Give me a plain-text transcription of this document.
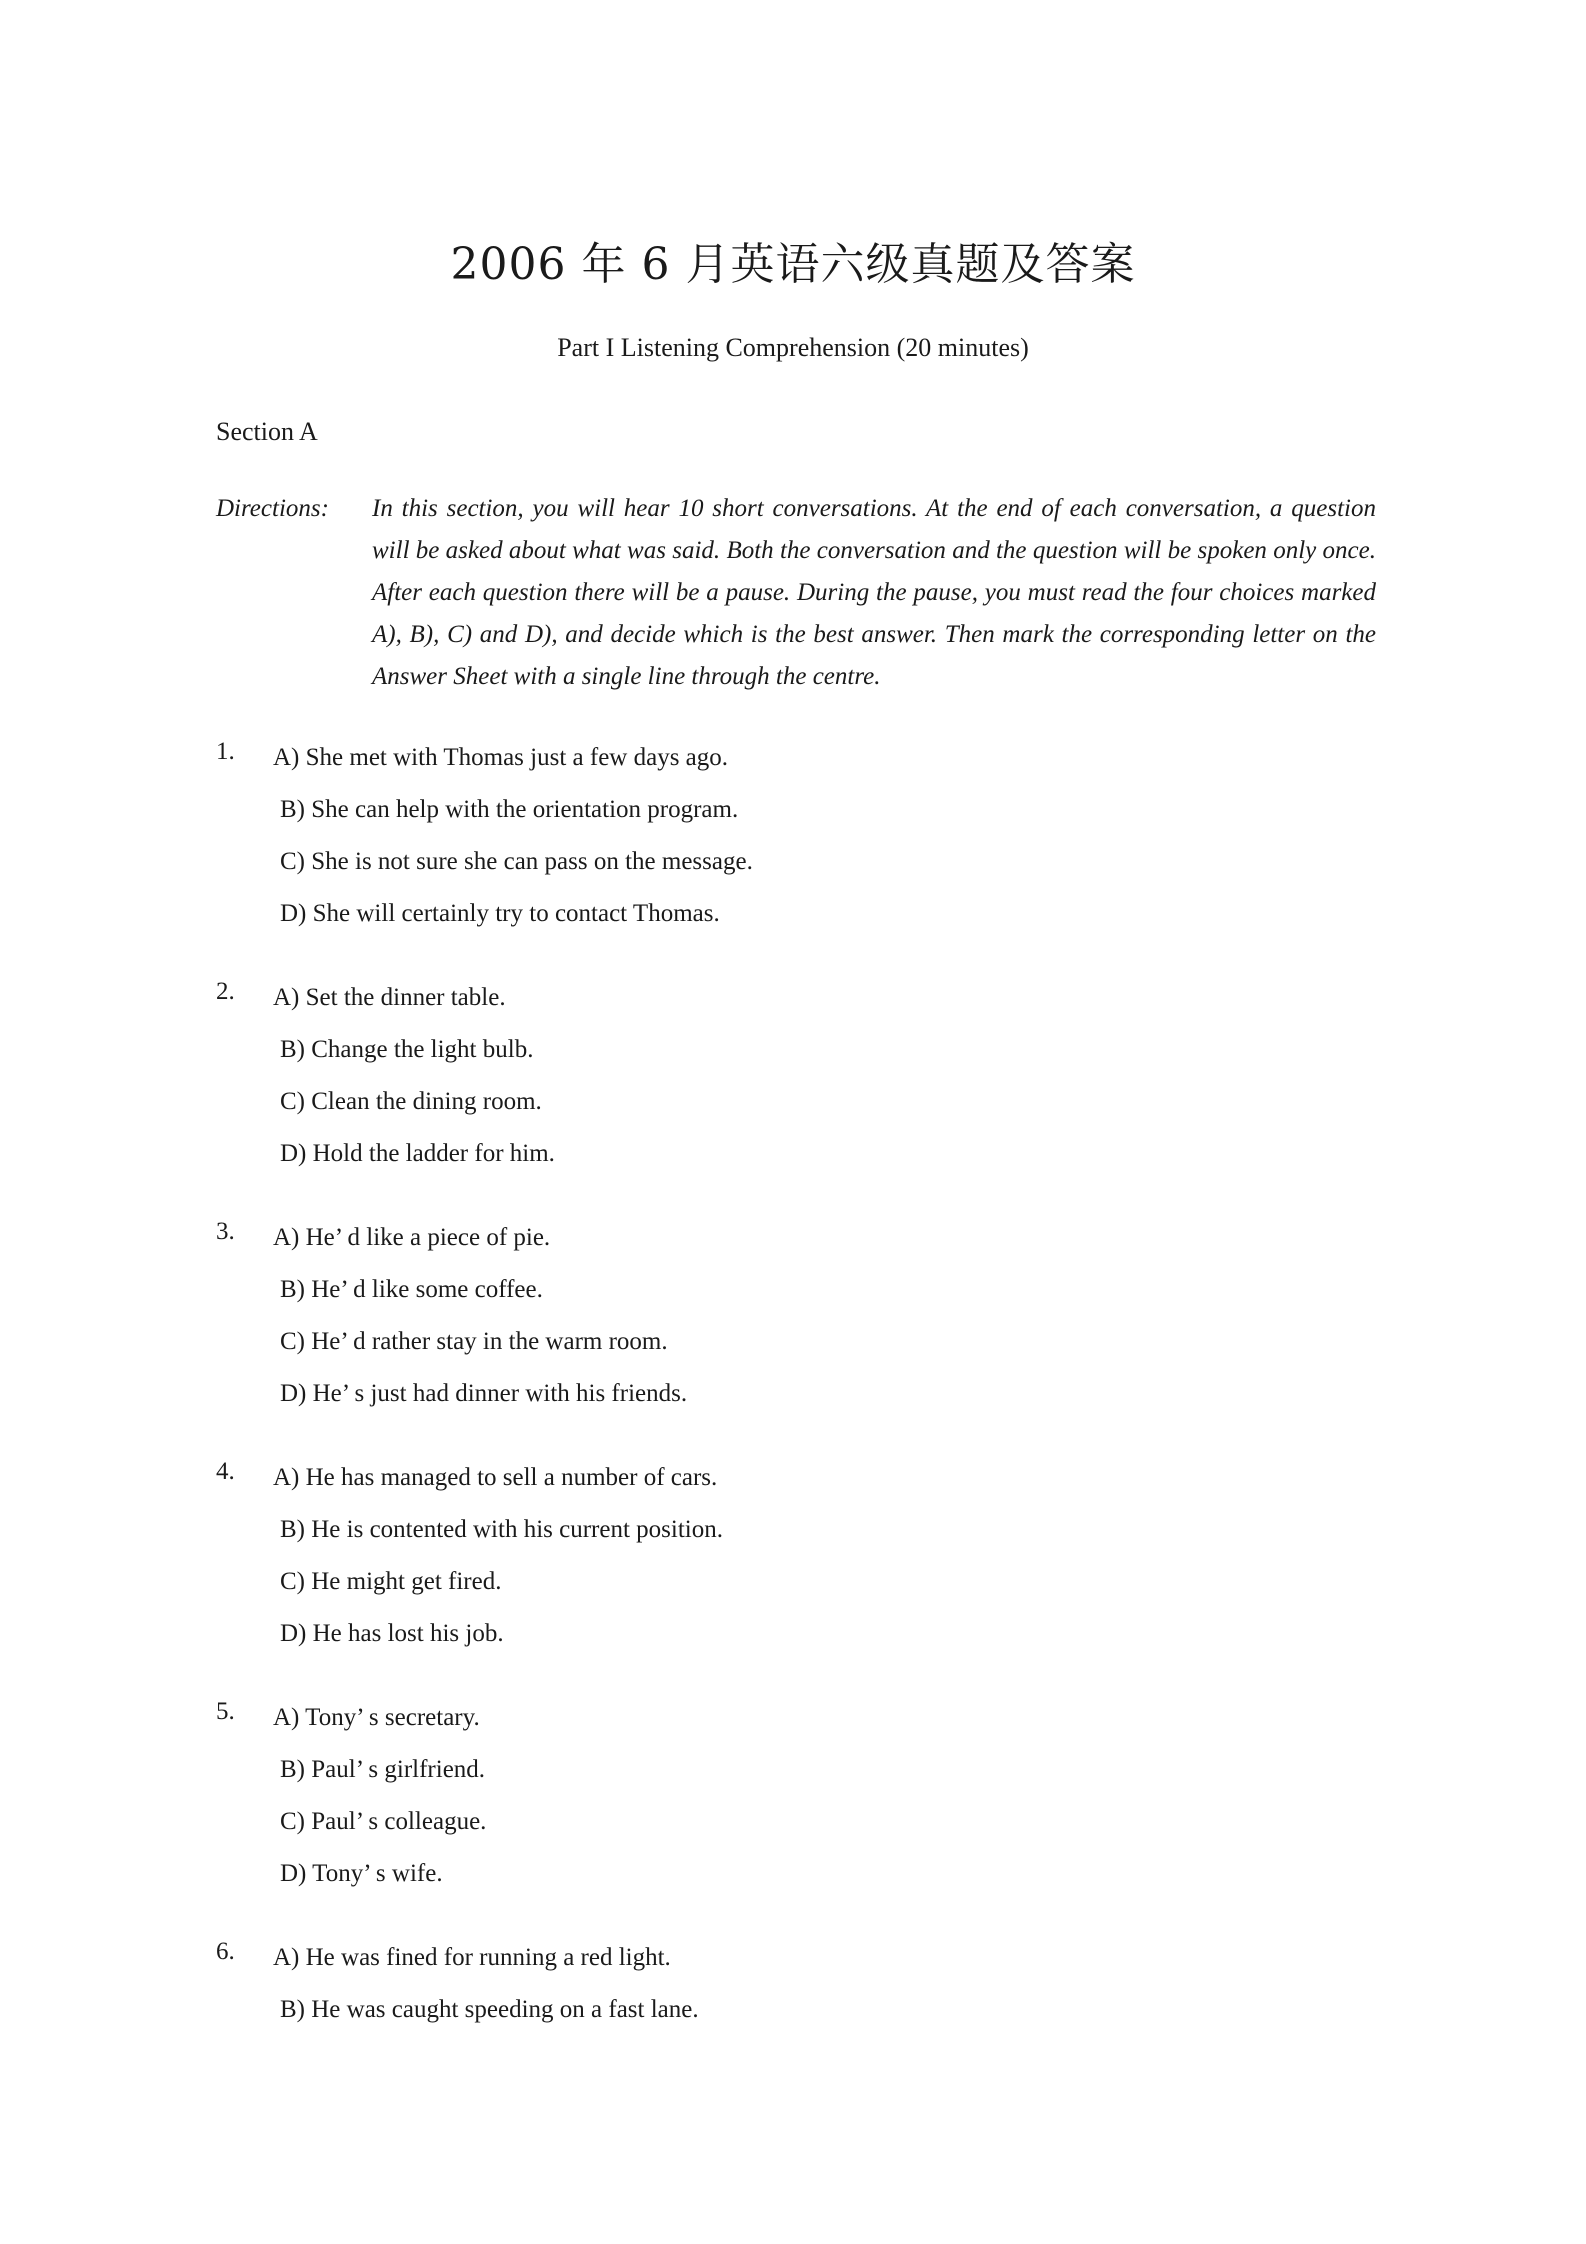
2006 年 6 月英语六级真题及答案
Part I Listening Comprehension (20 minutes)
Section A
Directions:	In this section, you will hear 10 short conversations. At the end of each conversation, a question will be asked about what was said. Both the conversation and the question will be spoken only once. After each question there will be a pause. During the pause, you must read the four choices marked A), B), C) and D), and decide which is the best answer. Then mark the corresponding letter on the Answer Sheet with a single line through the centre.
1.	A) She met with Thomas just a few days ago.
B) She can help with the orientation program.
C) She is not sure she can pass on the message.
D) She will certainly try to contact Thomas.
2.	A) Set the dinner table.
B) Change the light bulb.
C) Clean the dining room.
D) Hold the ladder for him.
3.	A) He’ d like a piece of pie.
B) He’ d like some coffee.
C) He’ d rather stay in the warm room.
D) He’ s just had dinner with his friends.
4.	A) He has managed to sell a number of cars.
B) He is contented with his current position.
C) He might get fired.
D) He has lost his job.
5.	A) Tony’ s secretary.
B) Paul’ s girlfriend.
C) Paul’ s colleague.
D) Tony’ s wife.
6.	A) He was fined for running a red light.
B) He was caught speeding on a fast lane.
